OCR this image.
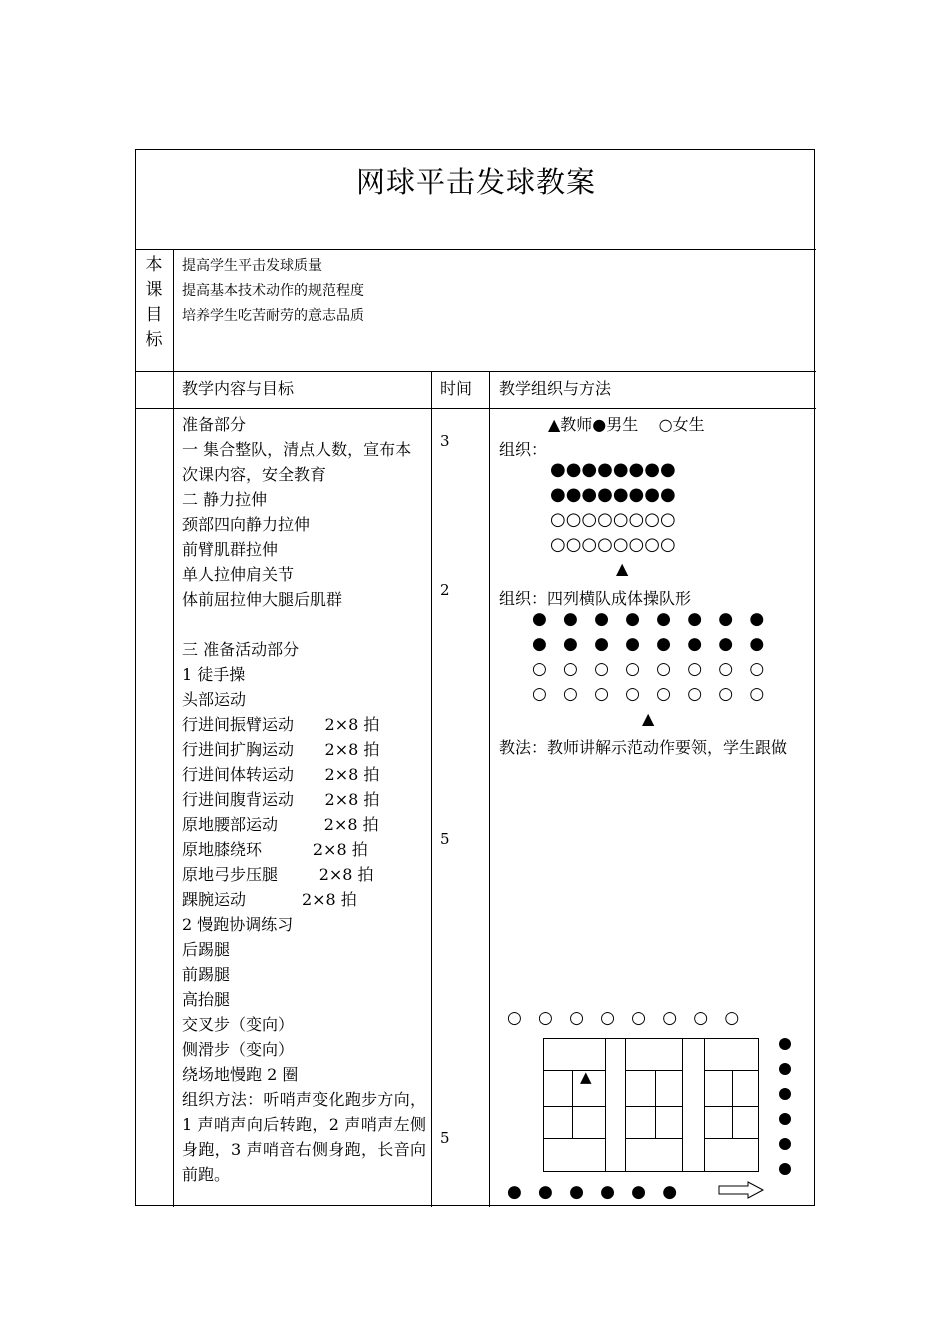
网球平击发球教案
本
课
目
标
提高学生平击发球质量
提高基本技术动作的规范程度
培养学生吃苦耐劳的意志品质
教学内容与目标	时间 教学组织与方法
准备部分
一 集合整队，清点人数，宣布本
次课内容，安全教育
二 静力拉伸
颈部四向静力拉伸
前臂肌群拉伸
单人拉伸肩关节
体前屈拉伸大腿后肌群
三 准备活动部分
1 徒手操
头部运动
行进间振臂运动      2×8 拍
行进间扩胸运动      2×8 拍
行进间体转运动      2×8 拍
行进间腹背运动      2×8 拍
原地腰部运动         2×8 拍
原地膝绕环          2×8 拍
原地弓步压腿        2×8 拍
踝腕运动           2×8 拍
2 慢跑协调练习
后踢腿
前踢腿
高抬腿
交叉步（变向）
侧滑步（变向）
绕场地慢跑 2 圈
组织方法：听哨声变化跑步方向，1 声哨声向后转跑，2 声哨声左侧身跑，3 声哨音右侧身跑，长音向前跑。
3
2
5
5
▲教师●男生    ○女生
组织：
●●●●●●●●
●●●●●●●●
○○○○○○○○
○○○○○○○○
▲
组织：四列横队成体操队形
●   ●   ●   ●   ●   ●   ●   ●
●   ●   ●   ●   ●   ●   ●   ●
○   ○   ○   ○   ○   ○   ○   ○
○   ○   ○   ○   ○   ○   ○   ○
▲
教法：教师讲解示范动作要领，学生跟做
○   ○   ○   ○   ○   ○   ○   ○
▲
●   ●   ●   ●   ●   ●
